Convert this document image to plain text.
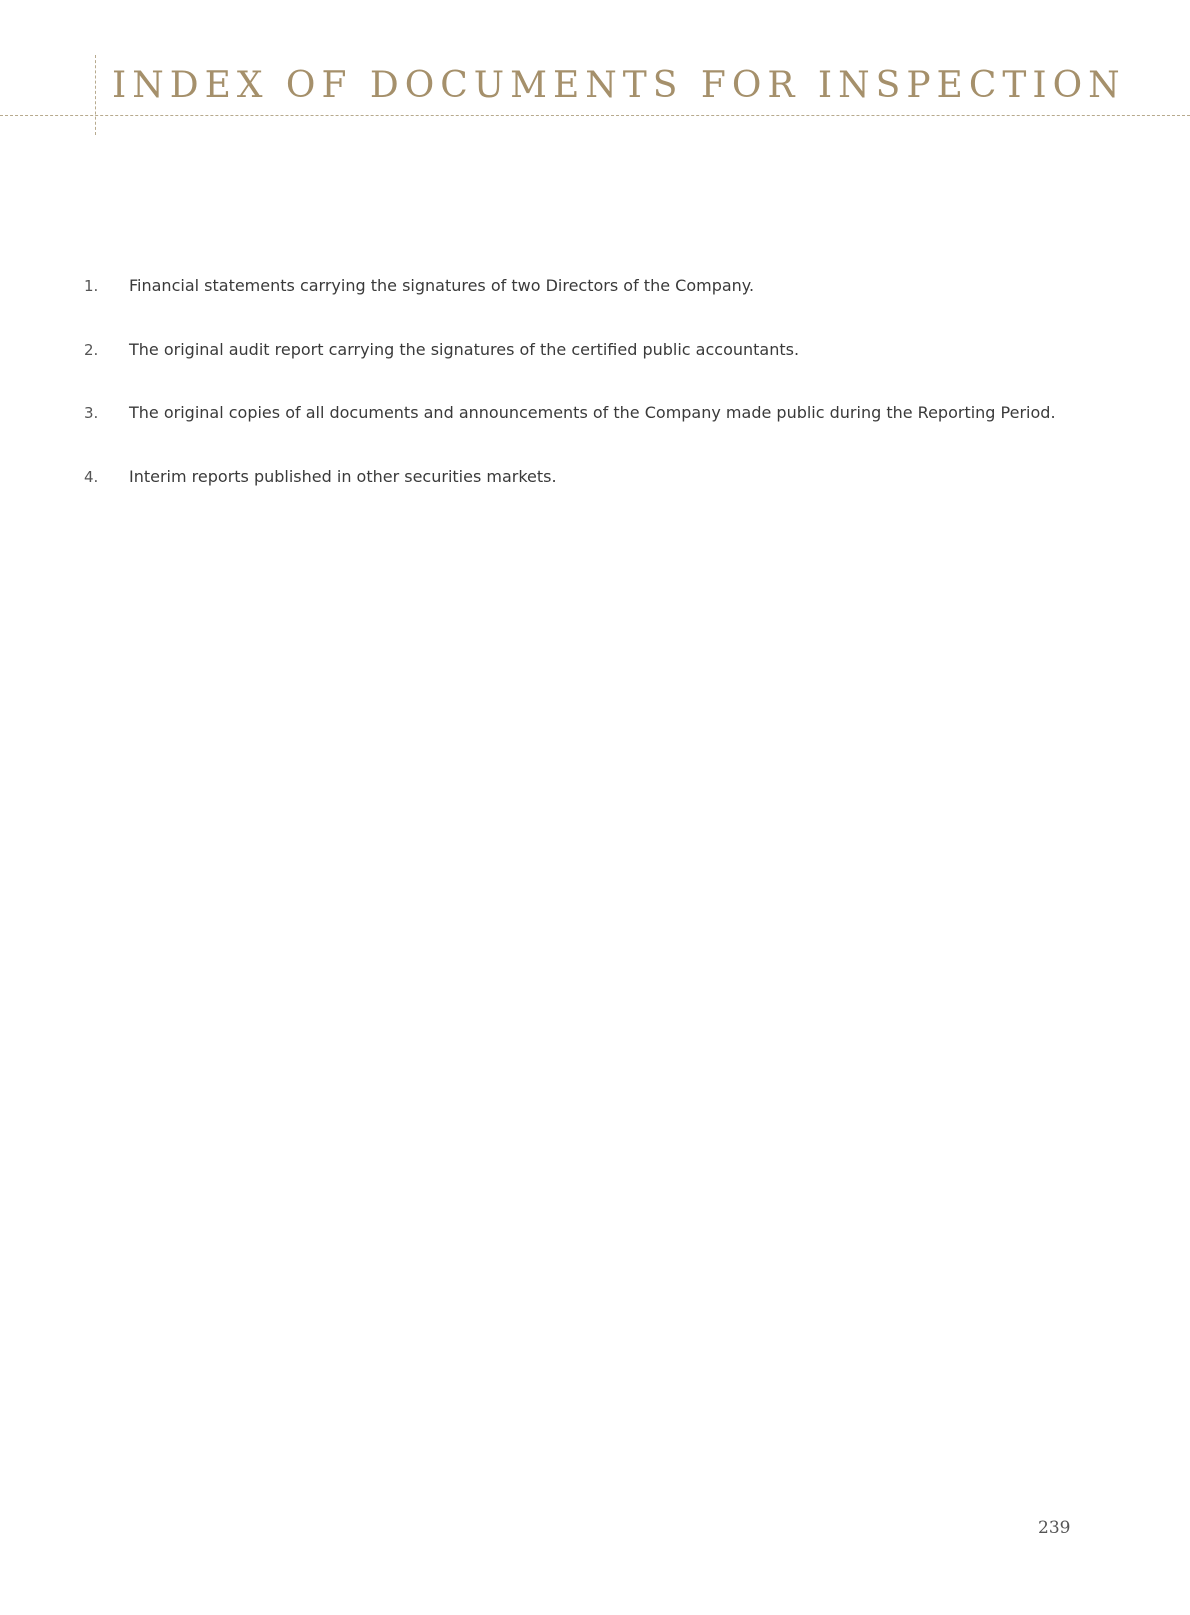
INDEX OF DOCUMENTS FOR INSPECTION
1.	Financial statements carrying the signatures of two Directors of the Company.
2.	The original audit report carrying the signatures of the certified public accountants.
3.	The original copies of all documents and announcements of the Company made public during the Reporting Period.
4.	Interim reports published in other securities markets.
239
